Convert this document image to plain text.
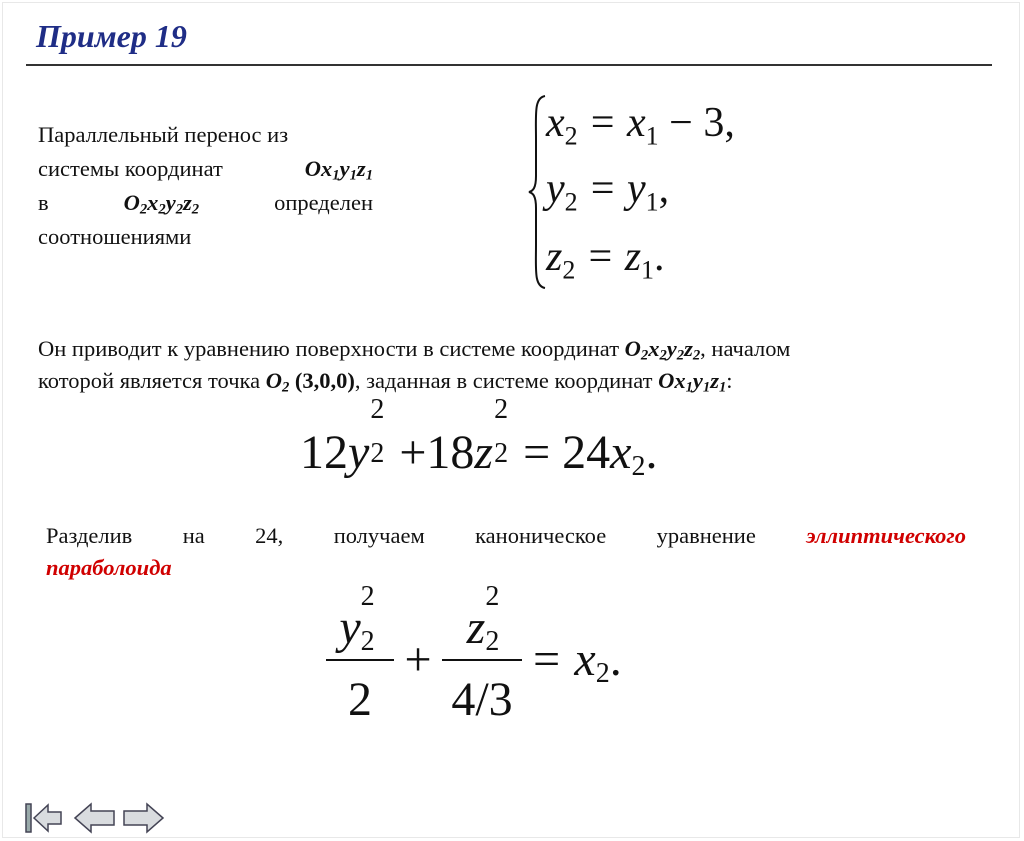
Пример 19
Параллельный перенос из
системы координат	$Ox_1y_1z_1$
в	$O_2x_2y_2z_2$	определен
соотношениями
x2 = x1 − 3,
y2 = y1,
z2 = z1.
Он приводит к уравнению поверхности в системе координат $O_2x_2y_2z_2$, началом
которой является точка $O_2$ (3,0,0), заданная в системе координат $Ox_1y_1z_1$:
12y
2
2 +18z
2
2 = 24x2.
Разделив на 24, получаем каноническое уравнение эллиптического
параболоида
y
2
2
2
+
z
2
2
4/3
= x2.
